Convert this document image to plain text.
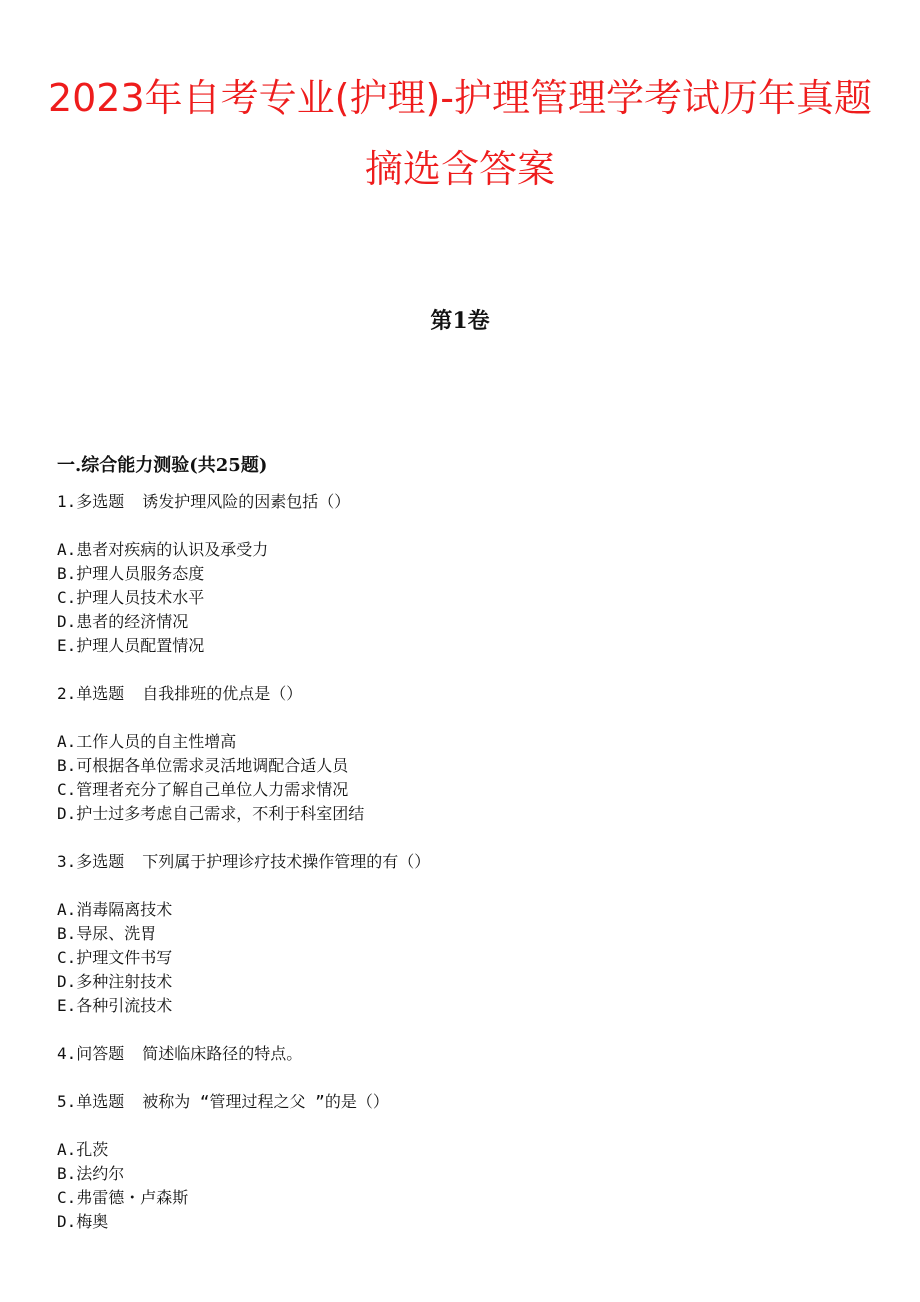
2023年自考专业(护理)-护理管理学考试历年真题
摘选含答案
第1卷
一.综合能力测验(共25题)
1.多选题 诱发护理风险的因素包括（）
A.患者对疾病的认识及承受力
B.护理人员服务态度
C.护理人员技术水平
D.患者的经济情况
E.护理人员配置情况
2.单选题 自我排班的优点是（）
A.工作人员的自主性增高
B.可根据各单位需求灵活地调配合适人员
C.管理者充分了解自己单位人力需求情况
D.护士过多考虑自己需求，不利于科室团结
3.多选题 下列属于护理诊疗技术操作管理的有（）
A.消毒隔离技术
B.导尿、洗胃
C.护理文件书写
D.多种注射技术
E.各种引流技术
4.问答题 简述临床路径的特点。
5.单选题 被称为 “管理过程之父 ”的是（）
A.孔茨
B.法约尔
C.弗雷德・卢森斯
D.梅奥
